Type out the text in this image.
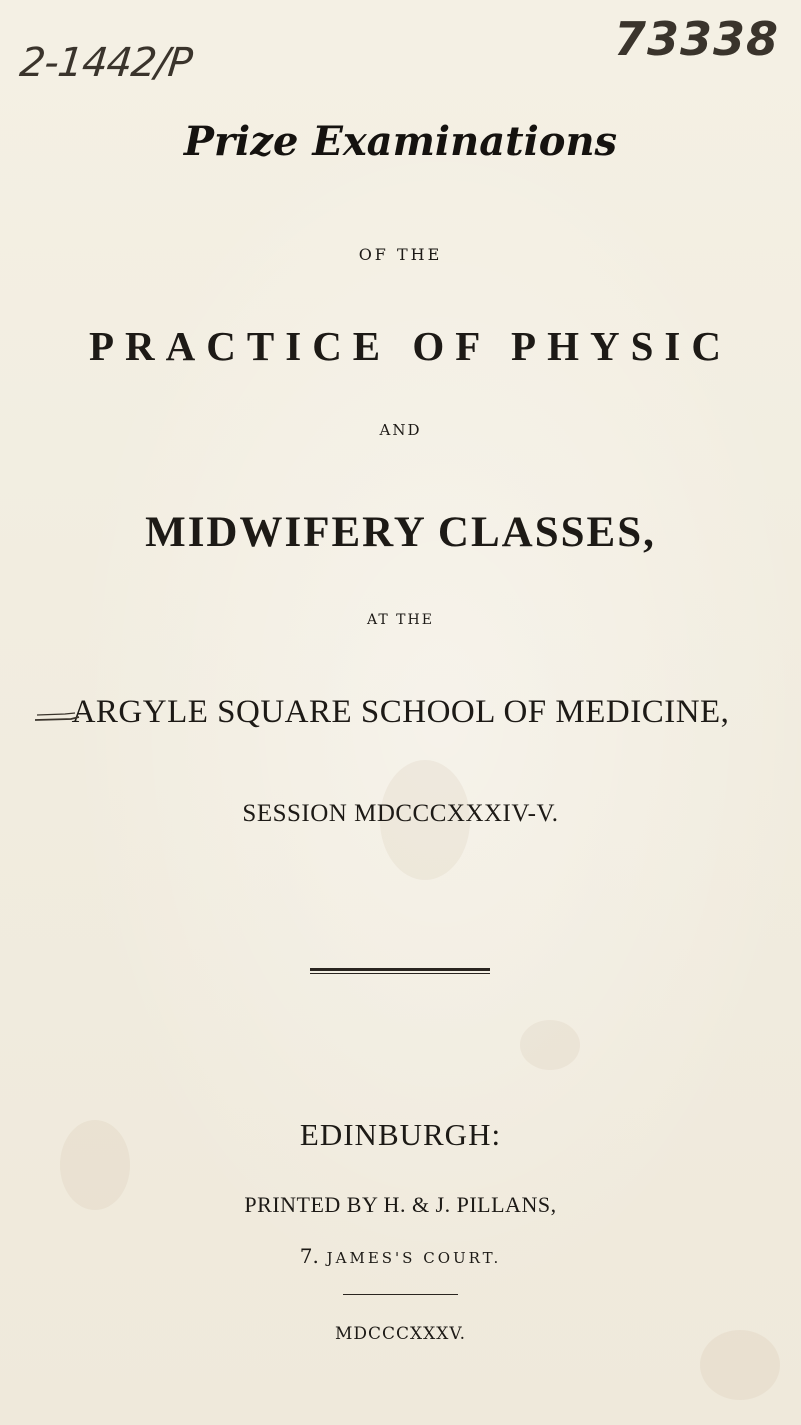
2-1442/P	73338
Prize Examinations
OF THE
PRACTICE OF PHYSIC
AND
MIDWIFERY CLASSES,
AT THE
ARGYLE SQUARE SCHOOL OF MEDICINE,
SESSION MDCCCXXXIV-V.
EDINBURGH:
PRINTED BY H. & J. PILLANS,
7. JAMES'S COURT.
MDCCCXXXV.
